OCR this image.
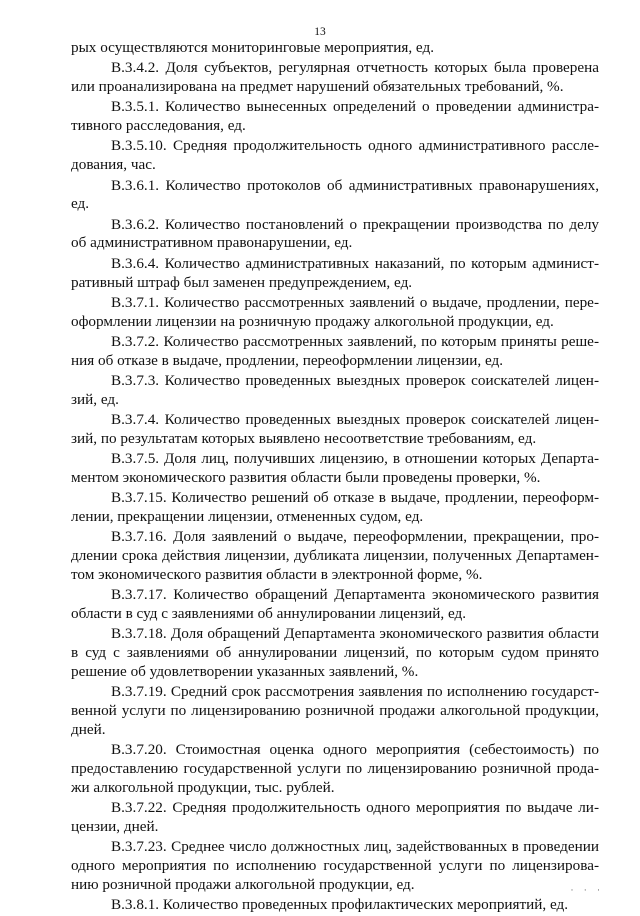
13

рых осуществляются мониторинговые мероприятия, ед.

В.3.4.2. Доля субъектов, регулярная отчетность которых была проверена или проанализирована на предмет нарушений обязательных требований, %.

В.3.5.1. Количество вынесенных определений о проведении административного расследования, ед.

В.3.5.10. Средняя продолжительность одного административного расследования, час.

В.3.6.1. Количество протоколов об административных правонарушениях, ед.

В.3.6.2. Количество постановлений о прекращении производства по делу об административном правонарушении, ед.

В.3.6.4. Количество административных наказаний, по которым административный штраф был заменен предупреждением, ед.

В.3.7.1. Количество рассмотренных заявлений о выдаче, продлении, переоформлении лицензии на розничную продажу алкогольной продукции, ед.

В.3.7.2. Количество рассмотренных заявлений, по которым приняты решения об отказе в выдаче, продлении, переоформлении лицензии, ед.

В.3.7.3. Количество проведенных выездных проверок соискателей лицензий, ед.

В.3.7.4. Количество проведенных выездных проверок соискателей лицензий, по результатам которых выявлено несоответствие требованиям, ед.

В.3.7.5. Доля лиц, получивших лицензию, в отношении которых Департаментом экономического развития области были проведены проверки, %.

В.3.7.15. Количество решений об отказе в выдаче, продлении, переоформлении, прекращении лицензии, отмененных судом, ед.

В.3.7.16. Доля заявлений о выдаче, переоформлении, прекращении, продлении срока действия лицензии, дубликата лицензии, полученных Департаментом экономического развития области в электронной форме, %.

В.3.7.17. Количество обращений Департамента экономического развития области в суд с заявлениями об аннулировании лицензий, ед.

В.3.7.18. Доля обращений Департамента экономического развития области в суд с заявлениями об аннулировании лицензий, по которым судом принято решение об удовлетворении указанных заявлений, %.

В.3.7.19. Средний срок рассмотрения заявления по исполнению государственной услуги по лицензированию розничной продажи алкогольной продукции, дней.

В.3.7.20. Стоимостная оценка одного мероприятия (себестоимость) по предоставлению государственной услуги по лицензированию розничной продажи алкогольной продукции, тыс. рублей.

В.3.7.22. Средняя продолжительность одного мероприятия по выдаче лицензии, дней.

В.3.7.23. Среднее число должностных лиц, задействованных в проведении одного мероприятия по исполнению государственной услуги по лицензированию розничной продажи алкогольной продукции, ед.

В.3.8.1. Количество проведенных профилактических мероприятий, ед.

· · ·
